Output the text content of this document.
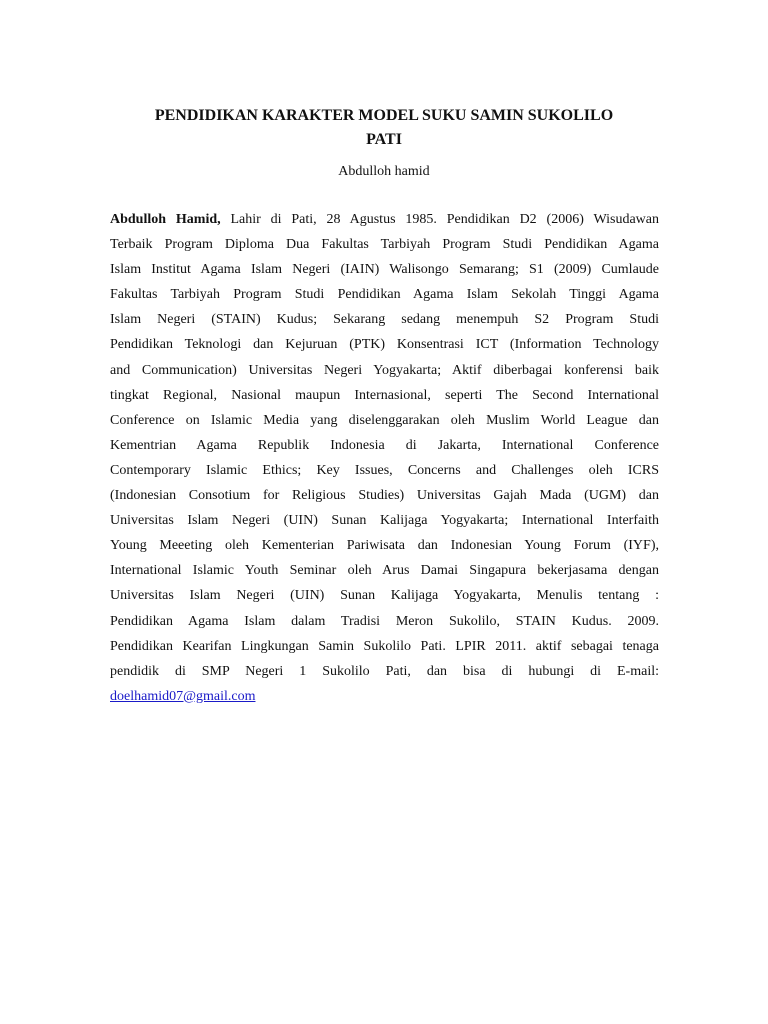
PENDIDIKAN KARAKTER MODEL SUKU SAMIN SUKOLILO
PATI
Abdulloh hamid
Abdulloh Hamid, Lahir di Pati, 28 Agustus 1985. Pendidikan D2 (2006) Wisudawan
Terbaik Program Diploma Dua Fakultas Tarbiyah Program Studi Pendidikan Agama
Islam Institut Agama Islam Negeri (IAIN) Walisongo Semarang; S1 (2009) Cumlaude
Fakultas Tarbiyah Program Studi Pendidikan Agama Islam Sekolah Tinggi Agama
Islam Negeri (STAIN) Kudus; Sekarang sedang menempuh S2 Program Studi
Pendidikan Teknologi dan Kejuruan (PTK) Konsentrasi ICT (Information Technology
and Communication) Universitas Negeri Yogyakarta; Aktif diberbagai konferensi baik
tingkat Regional, Nasional maupun Internasional, seperti The Second International
Conference on Islamic Media yang diselenggarakan oleh Muslim World League dan
Kementrian Agama Republik Indonesia di Jakarta, International Conference
Contemporary Islamic Ethics; Key Issues, Concerns and Challenges oleh ICRS
(Indonesian Consotium for Religious Studies) Universitas Gajah Mada (UGM) dan
Universitas Islam Negeri (UIN) Sunan Kalijaga Yogyakarta; International Interfaith
Young Meeeting oleh Kementerian Pariwisata dan Indonesian Young Forum (IYF),
International Islamic Youth Seminar oleh Arus Damai Singapura bekerjasama dengan
Universitas Islam Negeri (UIN) Sunan Kalijaga Yogyakarta, Menulis tentang :
Pendidikan Agama Islam dalam Tradisi Meron Sukolilo, STAIN Kudus. 2009.
Pendidikan Kearifan Lingkungan Samin Sukolilo Pati. LPIR 2011. aktif sebagai tenaga
pendidik di SMP Negeri 1 Sukolilo Pati, dan bisa di hubungi di E-mail:
doelhamid07@gmail.com
